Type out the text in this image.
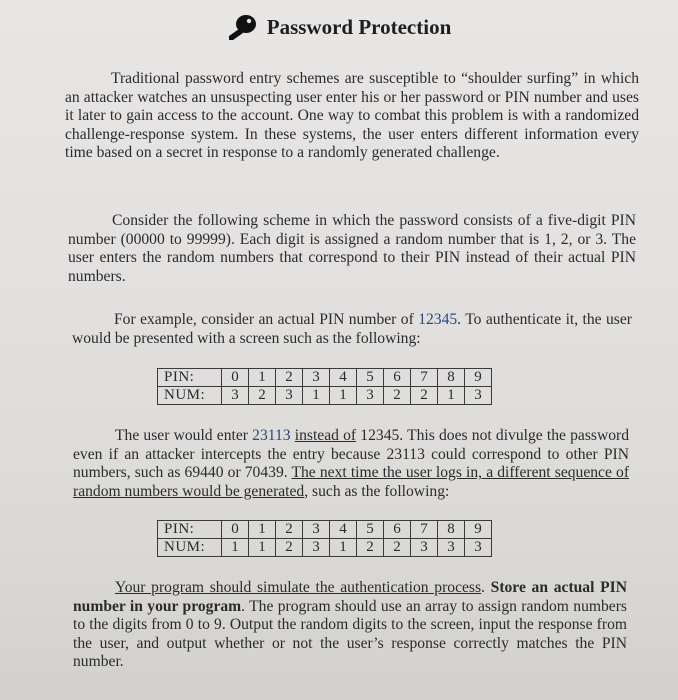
Password Protection

Traditional password entry schemes are susceptible to “shoulder surfing” in which an attacker watches an unsuspecting user enter his or her password or PIN number and uses it later to gain access to the account. One way to combat this problem is with a randomized challenge-response system. In these systems, the user enters different information every time based on a secret in response to a randomly generated challenge.

Consider the following scheme in which the password consists of a five-digit PIN number (00000 to 99999). Each digit is assigned a random number that is 1, 2, or 3. The user enters the random numbers that correspond to their PIN instead of their actual PIN numbers.

For example, consider an actual PIN number of 12345. To authenticate it, the user would be presented with a screen such as the following:

PIN:	0	1	2	3	4	5	6	7	8	9
NUM:	3	2	3	1	1	3	2	2	1	3

The user would enter 23113 instead of 12345. This does not divulge the password even if an attacker intercepts the entry because 23113 could correspond to other PIN numbers, such as 69440 or 70439. The next time the user logs in, a different sequence of random numbers would be generated, such as the following:

PIN:	0	1	2	3	4	5	6	7	8	9
NUM:	1	1	2	3	1	2	2	3	3	3

Your program should simulate the authentication process. Store an actual PIN number in your program. The program should use an array to assign random numbers to the digits from 0 to 9. Output the random digits to the screen, input the response from the user, and output whether or not the user’s response correctly matches the PIN number.
